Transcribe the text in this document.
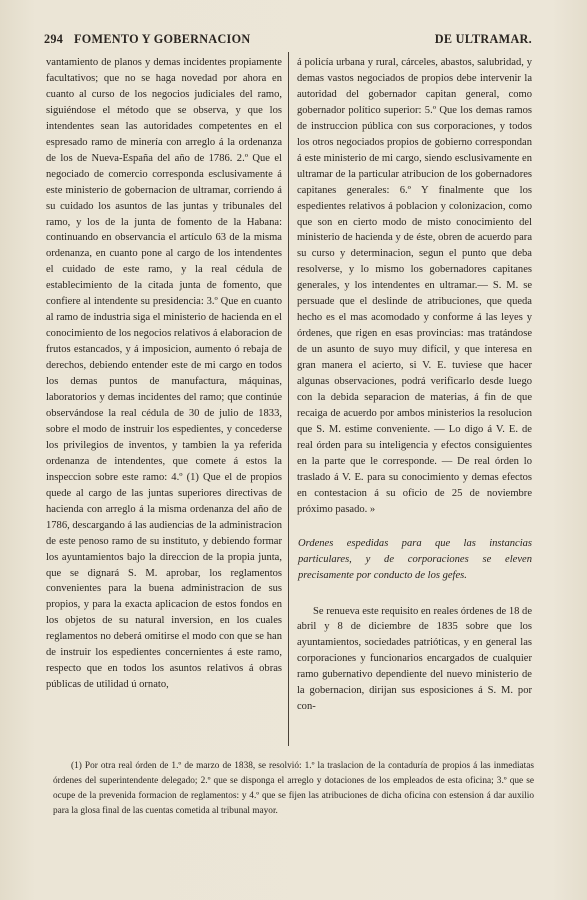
294 FOMENTO Y GOBERNACION	DE ULTRAMAR.

vantamiento de planos y demas incidentes propiamente facultativos; que no se haga novedad por ahora en cuanto al curso de los negocios judiciales del ramo, siguiéndose el método que se observa, y que los intendentes sean las autoridades competentes en el espresado ramo de minería con arreglo á la ordenanza de los de Nueva-España del año de 1786. 2.º Que el negociado de comercio corresponda esclusivamente á este ministerio de gobernacion de ultramar, corriendo á su cuidado los asuntos de las juntas y tribunales del ramo, y los de la junta de fomento de la Habana: continuando en observancia el artículo 63 de la misma ordenanza, en cuanto pone al cargo de los intendentes el cuidado de este ramo, y la real cédula de establecimiento de la citada junta de fomento, que confiere al intendente su presidencia: 3.º Que en cuanto al ramo de industria siga el ministerio de hacienda en el conocimiento de los negocios relativos á elaboracion de frutos estancados, y á imposicion, aumento ó rebaja de derechos, debiendo entender este de mi cargo en todos los demas puntos de manufactura, máquinas, laboratorios y demas incidentes del ramo; que continúe observándose la real cédula de 30 de julio de 1833, sobre el modo de instruir los espedientes, y concederse los privilegios de inventos, y tambien la ya referida ordenanza de intendentes, que comete á estos la inspeccion sobre este ramo: 4.º (1) Que el de propios quede al cargo de las juntas superiores directivas de hacienda con arreglo á la misma ordenanza del año de 1786, descargando á las audiencias de la administracion de este penoso ramo de su instituto, y debiendo formar los ayuntamientos bajo la direccion de la propia junta, que se dignará S. M. aprobar, los reglamentos convenientes para la buena administracion de sus propios, y para la exacta aplicacion de estos fondos en los objetos de su natural inversion, en los cuales reglamentos no deberá omitirse el modo con que se han de instruir los espedientes concernientes á este ramo, respecto que en todos los asuntos relativos á obras públicas de utilidad ú ornato,

á policía urbana y rural, cárceles, abastos, salubridad, y demas vastos negociados de propios debe intervenir la autoridad del gobernador capitan general, como gobernador político superior: 5.º Que los demas ramos de instruccion pública con sus corporaciones, y todos los otros negociados propios de gobierno correspondan á este ministerio de mi cargo, siendo esclusivamente en ultramar de la particular atribucion de los gobernadores capitanes generales: 6.º Y finalmente que los espedientes relativos á poblacion y colonizacion, como que son en cierto modo de misto conocimiento del ministerio de hacienda y de éste, obren de acuerdo para su curso y determinacion, segun el punto que deba resolverse, y lo mismo los gobernadores capitanes generales, y los intendentes en ultramar.— S. M. se persuade que el deslinde de atribuciones, que queda hecho es el mas acomodado y conforme á las leyes y órdenes, que rigen en esas provincias: mas tratándose de un asunto de suyo muy difícil, y que interesa en gran manera el acierto, si V. E. tuviese que hacer algunas observaciones, podrá verificarlo desde luego con la debida separacion de materias, á fin de que recaiga de acuerdo por ambos ministerios la resolucion que S. M. estime conveniente. — Lo digo á V. E. de real órden para su inteligencia y efectos consiguientes en la parte que le corresponde. — De real órden lo traslado á V. E. para su conocimiento y demas efectos en contestacion á su oficio de 25 de noviembre próximo pasado. »

Ordenes espedidas para que las instancias particulares, y de corporaciones se eleven precisamente por conducto de los gefes.

Se renueva este requisito en reales órdenes de 18 de abril y 8 de diciembre de 1835 sobre que los ayuntamientos, sociedades patrióticas, y en general las corporaciones y funcionarios encargados de cualquier ramo gubernativo dependiente del nuevo ministerio de la gobernacion, dirijan sus esposiciones á S. M. por con-

(1) Por otra real órden de 1.º de marzo de 1838, se resolvió: 1.º la traslacion de la contaduría de propios á las inmediatas órdenes del superintendente delegado; 2.º que se disponga el arreglo y dotaciones de los empleados de esta oficina; 3.º que se ocupe de la prevenida formacion de reglamentos: y 4.º que se fijen las atribuciones de dicha oficina con estension á dar auxilio para la glosa final de las cuentas cometida al tribunal mayor.
